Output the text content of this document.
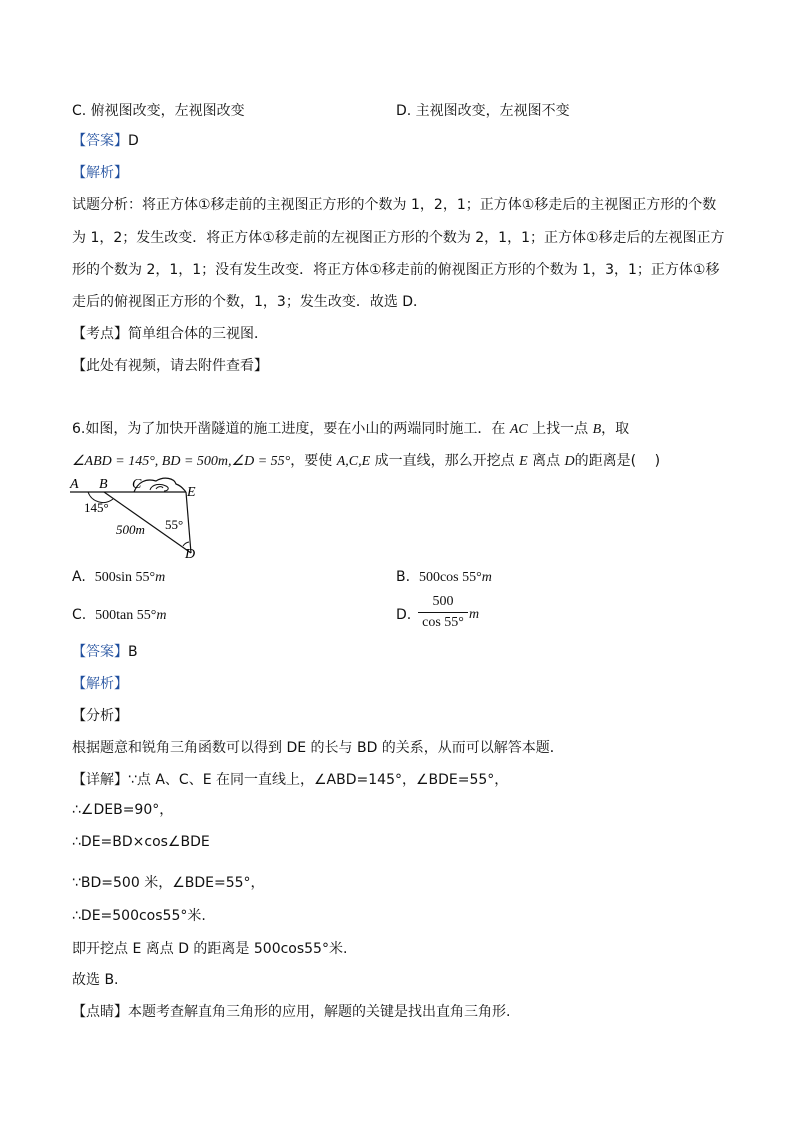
C. 俯视图改变，左视图改变	D. 主视图改变，左视图不变
【答案】D
【解析】
试题分析：将正方体①移走前的主视图正方形的个数为 1，2，1；正方体①移走后的主视图正方形的个数
为 1，2；发生改变．将正方体①移走前的左视图正方形的个数为 2，1，1；正方体①移走后的左视图正方
形的个数为 2，1，1；没有发生改变．将正方体①移走前的俯视图正方形的个数为 1，3，1；正方体①移
走后的俯视图正方形的个数，1，3；发生改变．故选 D．
【考点】简单组合体的三视图．
【此处有视频，请去附件查看】
6.如图，为了加快开凿隧道的施工进度，要在小山的两端同时施工．在 AC 上找一点 B，取
∠ABD = 145°, BD = 500m,∠D = 55°，要使 A,C,E 成一直线，那么开挖点 E 离点 D的距离是(　 )
A B C
E
D
145°
55°
500m
A. 500sin 55°m	B. 500cos 55°m
C. 500tan 55°m	D.
500
cos 55°
m
【答案】B
【解析】
【分析】
根据题意和锐角三角函数可以得到 DE 的长与 BD 的关系，从而可以解答本题．
【详解】∵点 A、C、E 在同一直线上，∠ABD=145°，∠BDE=55°，
∴∠DEB=90°，
∴DE=BD×cos∠BDE
∵BD=500 米，∠BDE=55°，
∴DE=500cos55°米.
即开挖点 E 离点 D 的距离是 500cos55°米.
故选 B.
【点睛】本题考查解直角三角形的应用，解题的关键是找出直角三角形.
